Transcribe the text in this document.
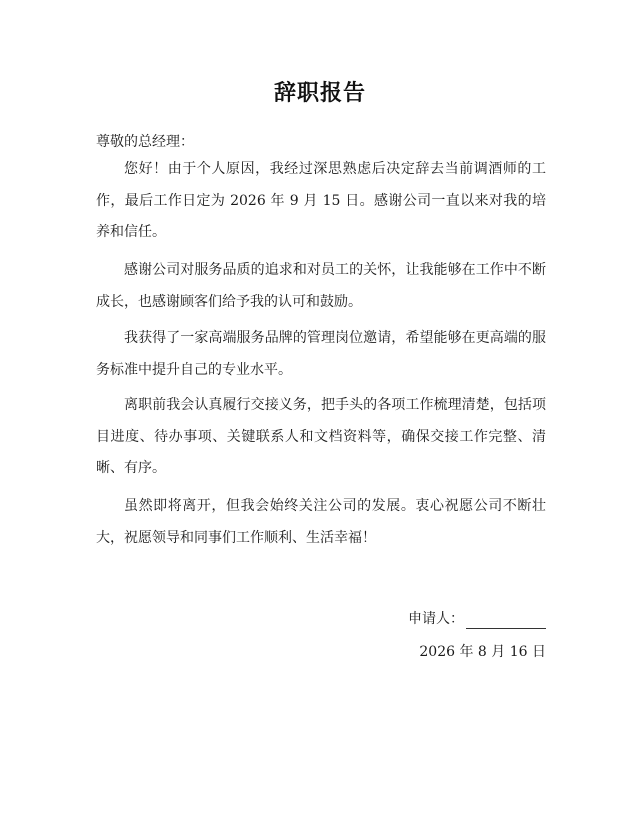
辞职报告
尊敬的总经理：

您好！由于个人原因，我经过深思熟虑后决定辞去当前调酒师的工作，最后工作日定为 2026 年 9 月 15 日。感谢公司一直以来对我的培养和信任。

感谢公司对服务品质的追求和对员工的关怀，让我能够在工作中不断成长，也感谢顾客们给予我的认可和鼓励。

我获得了一家高端服务品牌的管理岗位邀请，希望能够在更高端的服务标准中提升自己的专业水平。

离职前我会认真履行交接义务，把手头的各项工作梳理清楚，包括项目进度、待办事项、关键联系人和文档资料等，确保交接工作完整、清晰、有序。

虽然即将离开，但我会始终关注公司的发展。衷心祝愿公司不断壮大，祝愿领导和同事们工作顺利、生活幸福！

申请人：
2026 年 8 月 16 日
